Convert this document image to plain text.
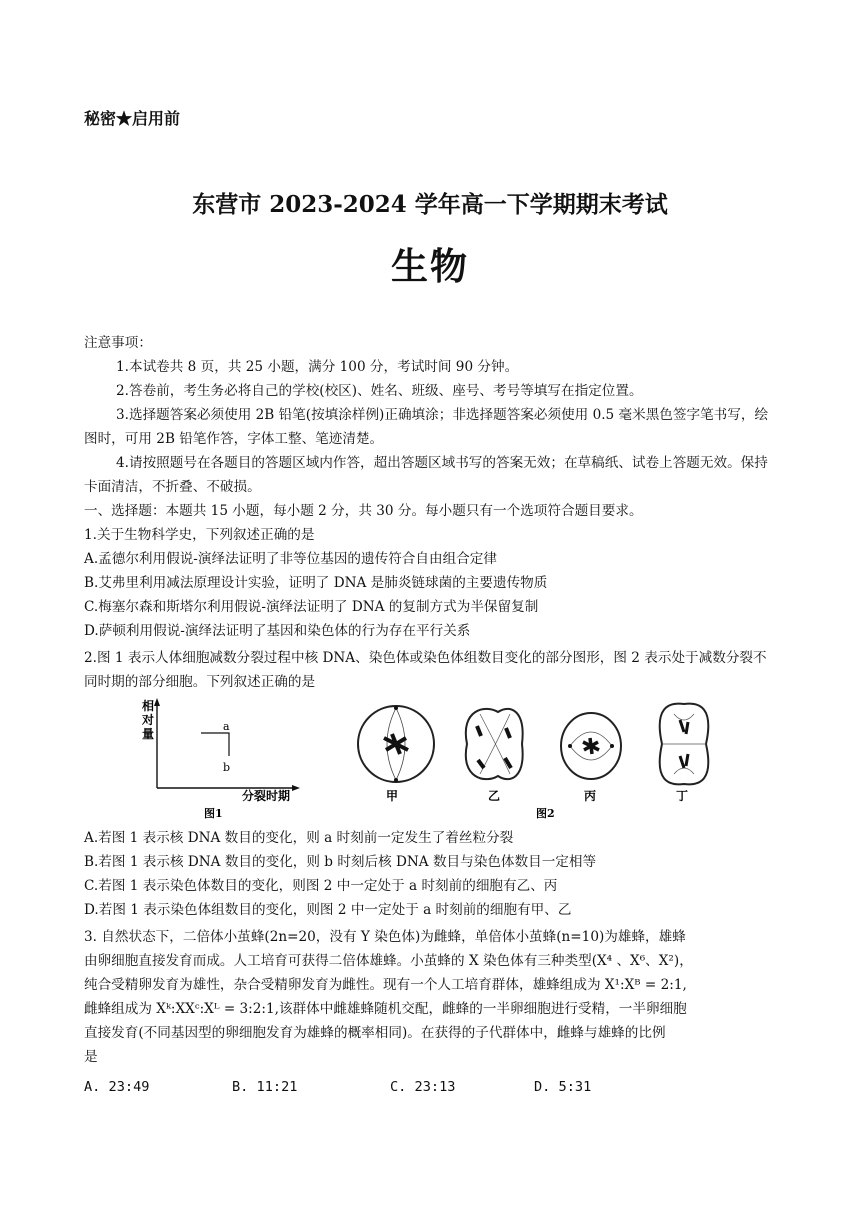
秘密★启用前
东营市 2023-2024 学年高一下学期期末考试
生物
注意事项：
1.本试卷共 8 页，共 25 小题，满分 100 分，考试时间 90 分钟。
2.答卷前，考生务必将自己的学校(校区)、姓名、班级、座号、考号等填写在指定位置。
3.选择题答案必须使用 2B 铅笔(按填涂样例)正确填涂；非选择题答案必须使用 0.5 毫米黑色签字笔书写，绘图时，可用 2B 铅笔作答，字体工整、笔迹清楚。
4.请按照题号在各题目的答题区域内作答，超出答题区域书写的答案无效；在草稿纸、试卷上答题无效。保持卡面清洁，不折叠、不破损。
一、选择题：本题共 15 小题，每小题 2 分，共 30 分。每小题只有一个选项符合题目要求。
1.关于生物科学史，下列叙述正确的是
A.孟德尔利用假说-演绎法证明了非等位基因的遗传符合自由组合定律
B.艾弗里利用减法原理设计实验，证明了 DNA 是肺炎链球菌的主要遗传物质
C.梅塞尔森和斯塔尔利用假说-演绎法证明了 DNA 的复制方式为半保留复制
D.萨顿利用假说-演绎法证明了基因和染色体的行为存在平行关系
2.图 1 表示人体细胞减数分裂过程中核 DNA、染色体或染色体组数目变化的部分图形，图 2 表示处于减数分裂不同时期的部分细胞。下列叙述正确的是
相
对
量
a
b
分裂时期
图1
甲	乙	丙	丁
图2
A.若图 1 表示核 DNA 数目的变化，则 a 时刻前一定发生了着丝粒分裂
B.若图 1 表示核 DNA 数目的变化，则 b 时刻后核 DNA 数目与染色体数目一定相等
C.若图 1 表示染色体数目的变化，则图 2 中一定处于 a 时刻前的细胞有乙、丙
D.若图 1 表示染色体组数目的变化，则图 2 中一定处于 a 时刻前的细胞有甲、乙
3. 自然状态下，二倍体小茧蜂(2n=20，没有 Y 染色体)为雌蜂，单倍体小茧蜂(n=10)为雄蜂，雄蜂
由卵细胞直接发育而成。人工培育可获得二倍体雄蜂。小茧蜂的 X 染色体有三种类型(X⁴ 、X⁶、X²)，
纯合受精卵发育为雄性，杂合受精卵发育为雌性。现有一个人工培育群体，雄蜂组成为 X¹:Xᴮ = 2:1,
雌蜂组成为 Xᵏ:XXᶜ:Xᴸ = 3:2:1,该群体中雌雄蜂随机交配，雌蜂的一半卵细胞进行受精，一半卵细胞
直接发育(不同基因型的卵细胞发育为雄蜂的概率相同)。在获得的子代群体中，雌蜂与雄蜂的比例
是
A. 23:49	B. 11:21	C. 23:13	D. 5:31
